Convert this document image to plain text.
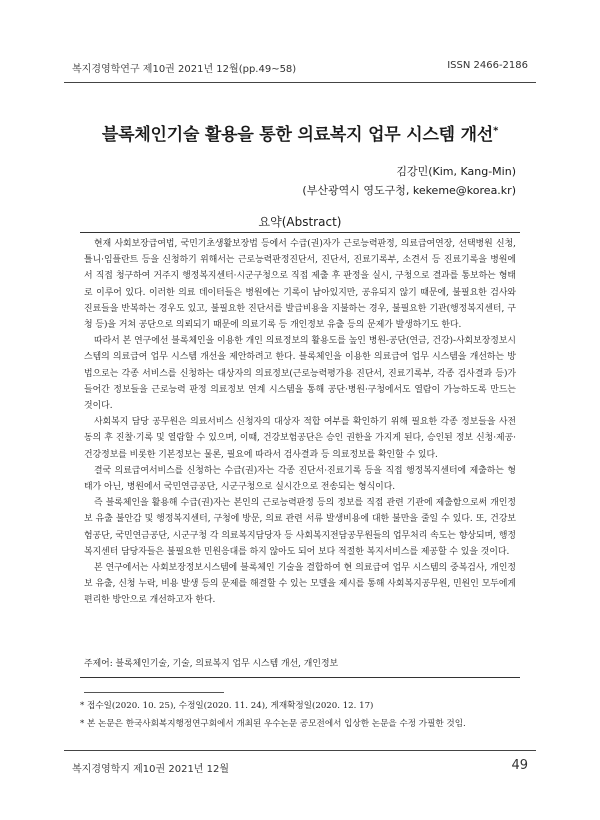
복지경영학연구 제10권 2021년 12월(pp.49~58)	ISSN 2466-2186
블록체인기술 활용을 통한 의료복지 업무 시스템 개선*
김강민(Kim, Kang-Min)
(부산광역시 영도구청, kekeme@korea.kr)
요약(Abstract)

현재 사회보장급여법, 국민기초생활보장법 등에서 수급(권)자가 근로능력판정, 의료급여연장, 선택병원 신청, 틀니·임플란트 등을 신청하기 위해서는 근로능력판정진단서, 진단서, 진료기록부, 소견서 등 진료기록을 병원에서 직접 청구하여 거주지 행정복지센터·시군구청으로 직접 제출 후 판정을 실시, 구청으로 결과를 통보하는 형태로 이루어 있다. 이러한 의료 데이터들은 병원에는 기록이 남아있지만, 공유되지 않기 때문에, 불필요한 검사와 진료들을 반복하는 경우도 있고, 불필요한 진단서를 발급비용을 지불하는 경우, 불필요한 기관(행정복지센터, 구청 등)을 거쳐 공단으로 의뢰되기 때문에 의료기록 등 개인정보 유출 등의 문제가 발생하기도 한다.

따라서 본 연구에선 블록체인을 이용한 개인 의료정보의 활용도를 높인 병원-공단(연금, 건강)-사회보장정보시스템의 의료급여 업무 시스템 개선을 제안하려고 한다. 블록체인을 이용한 의료급여 업무 시스템을 개선하는 방법으로는 각종 서비스를 신청하는 대상자의 의료정보(근로능력평가용 진단서, 진료기록부, 각종 검사결과 등)가 들어간 정보들을 근로능력 판정 의료정보 연계 시스템을 통해 공단·병원·구청에서도 열람이 가능하도록 만드는 것이다.

사회복지 담당 공무원은 의료서비스 신청자의 대상자 적합 여부를 확인하기 위해 필요한 각종 정보들을 사전동의 후 진찰·기록 및 열람할 수 있으며, 이때, 건강보험공단은 승인 권한을 가지게 된다, 승인된 정보 신청·제공· 건강정보를 비롯한 기본정보는 물론, 필요에 따라서 검사결과 등 의료정보를 확인할 수 있다.

결국 의료급여서비스를 신청하는 수급(권)자는 각종 진단서·진료기록 등을 직접 행정복지센터에 제출하는 형태가 아닌, 병원에서 국민연금공단, 시군구청으로 실시간으로 전송되는 형식이다.

즉 블록체인을 활용해 수급(권)자는 본인의 근로능력판정 등의 정보를 직접 관련 기관에 제출함으로써 개인정보 유출 불안감 및 행정복지센터, 구청에 방문, 의료 관련 서류 발생비용에 대한 불만을 줄일 수 있다. 또, 건강보험공단, 국민연금공단, 시군구청 각 의료복지담당자 등 사회복지전담공무원들의 업무처리 속도는 향상되며, 행정복지센터 담당자들은 불필요한 민원응대를 하지 않아도 되어 보다 적절한 복지서비스를 제공할 수 있을 것이다.

본 연구에서는 사회보장정보시스템에 블록체인 기술을 결합하여 현 의료급여 업무 시스템의 중복검사, 개인정보 유출, 신청 누락, 비용 발생 등의 문제를 해결할 수 있는 모델을 제시를 통해 사회복지공무원, 민원인 모두에게 편리한 방안으로 개선하고자 한다.

주제어: 블록체인기술, 기술, 의료복지 업무 시스템 개선, 개인정보
* 접수일(2020. 10. 25), 수정일(2020. 11. 24), 게재확정일(2020. 12. 17)
* 본 논문은 한국사회복지행정연구회에서 개최된 우수논문 공모전에서 입상한 논문을 수정 가필한 것임.
복지경영학지 제10권 2021년 12월	49
